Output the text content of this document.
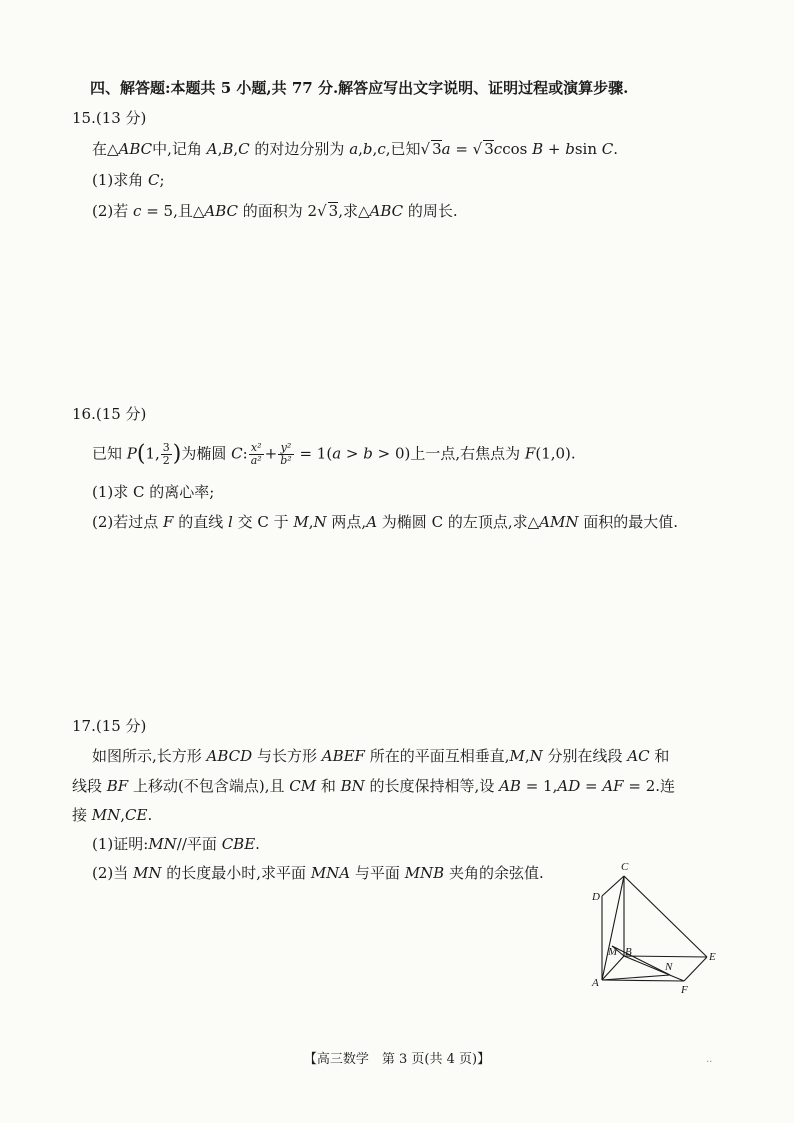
四、解答题:本题共 5 小题,共 77 分.解答应写出文字说明、证明过程或演算步骤.
15.(13 分)
在△ABC中,记角 A,B,C 的对边分别为 a,b,c,已知√ 3a = √ 3ccos B + bsin C.
(1)求角 C;
(2)若 c = 5,且△ABC 的面积为 2√ 3,求△ABC 的周长.
16.(15 分)
已知 P(1, $\frac{3}{2}$ )为椭圆 C: $\frac{\text{x²}}{\text{a²}} + \frac{\text{y²}}{\text{b²}} = 1(a > b > 0)$上一点,右焦点为 F(1,0).
(1)求 C 的离心率;
(2)若过点 F 的直线 l 交 C 于 M,N 两点,A 为椭圆 C 的左顶点,求△AMN 面积的最大值.
17.(15 分)
如图所示,长方形 ABCD 与长方形 ABEF 所在的平面互相垂直,M,N 分别在线段 AC 和
线段 BF 上移动(不包含端点),且 CM 和 BN 的长度保持相等,设 AB = 1,AD = AF = 2.连
接 MN,CE.
(1)证明:MN//平面 CBE.
(2)当 MN 的长度最小时,求平面 MNA 与平面 MNB 夹角的余弦值.	C
D
M B
N
E
A
F
【高三数学　第 3 页(共 4 页)】	..
